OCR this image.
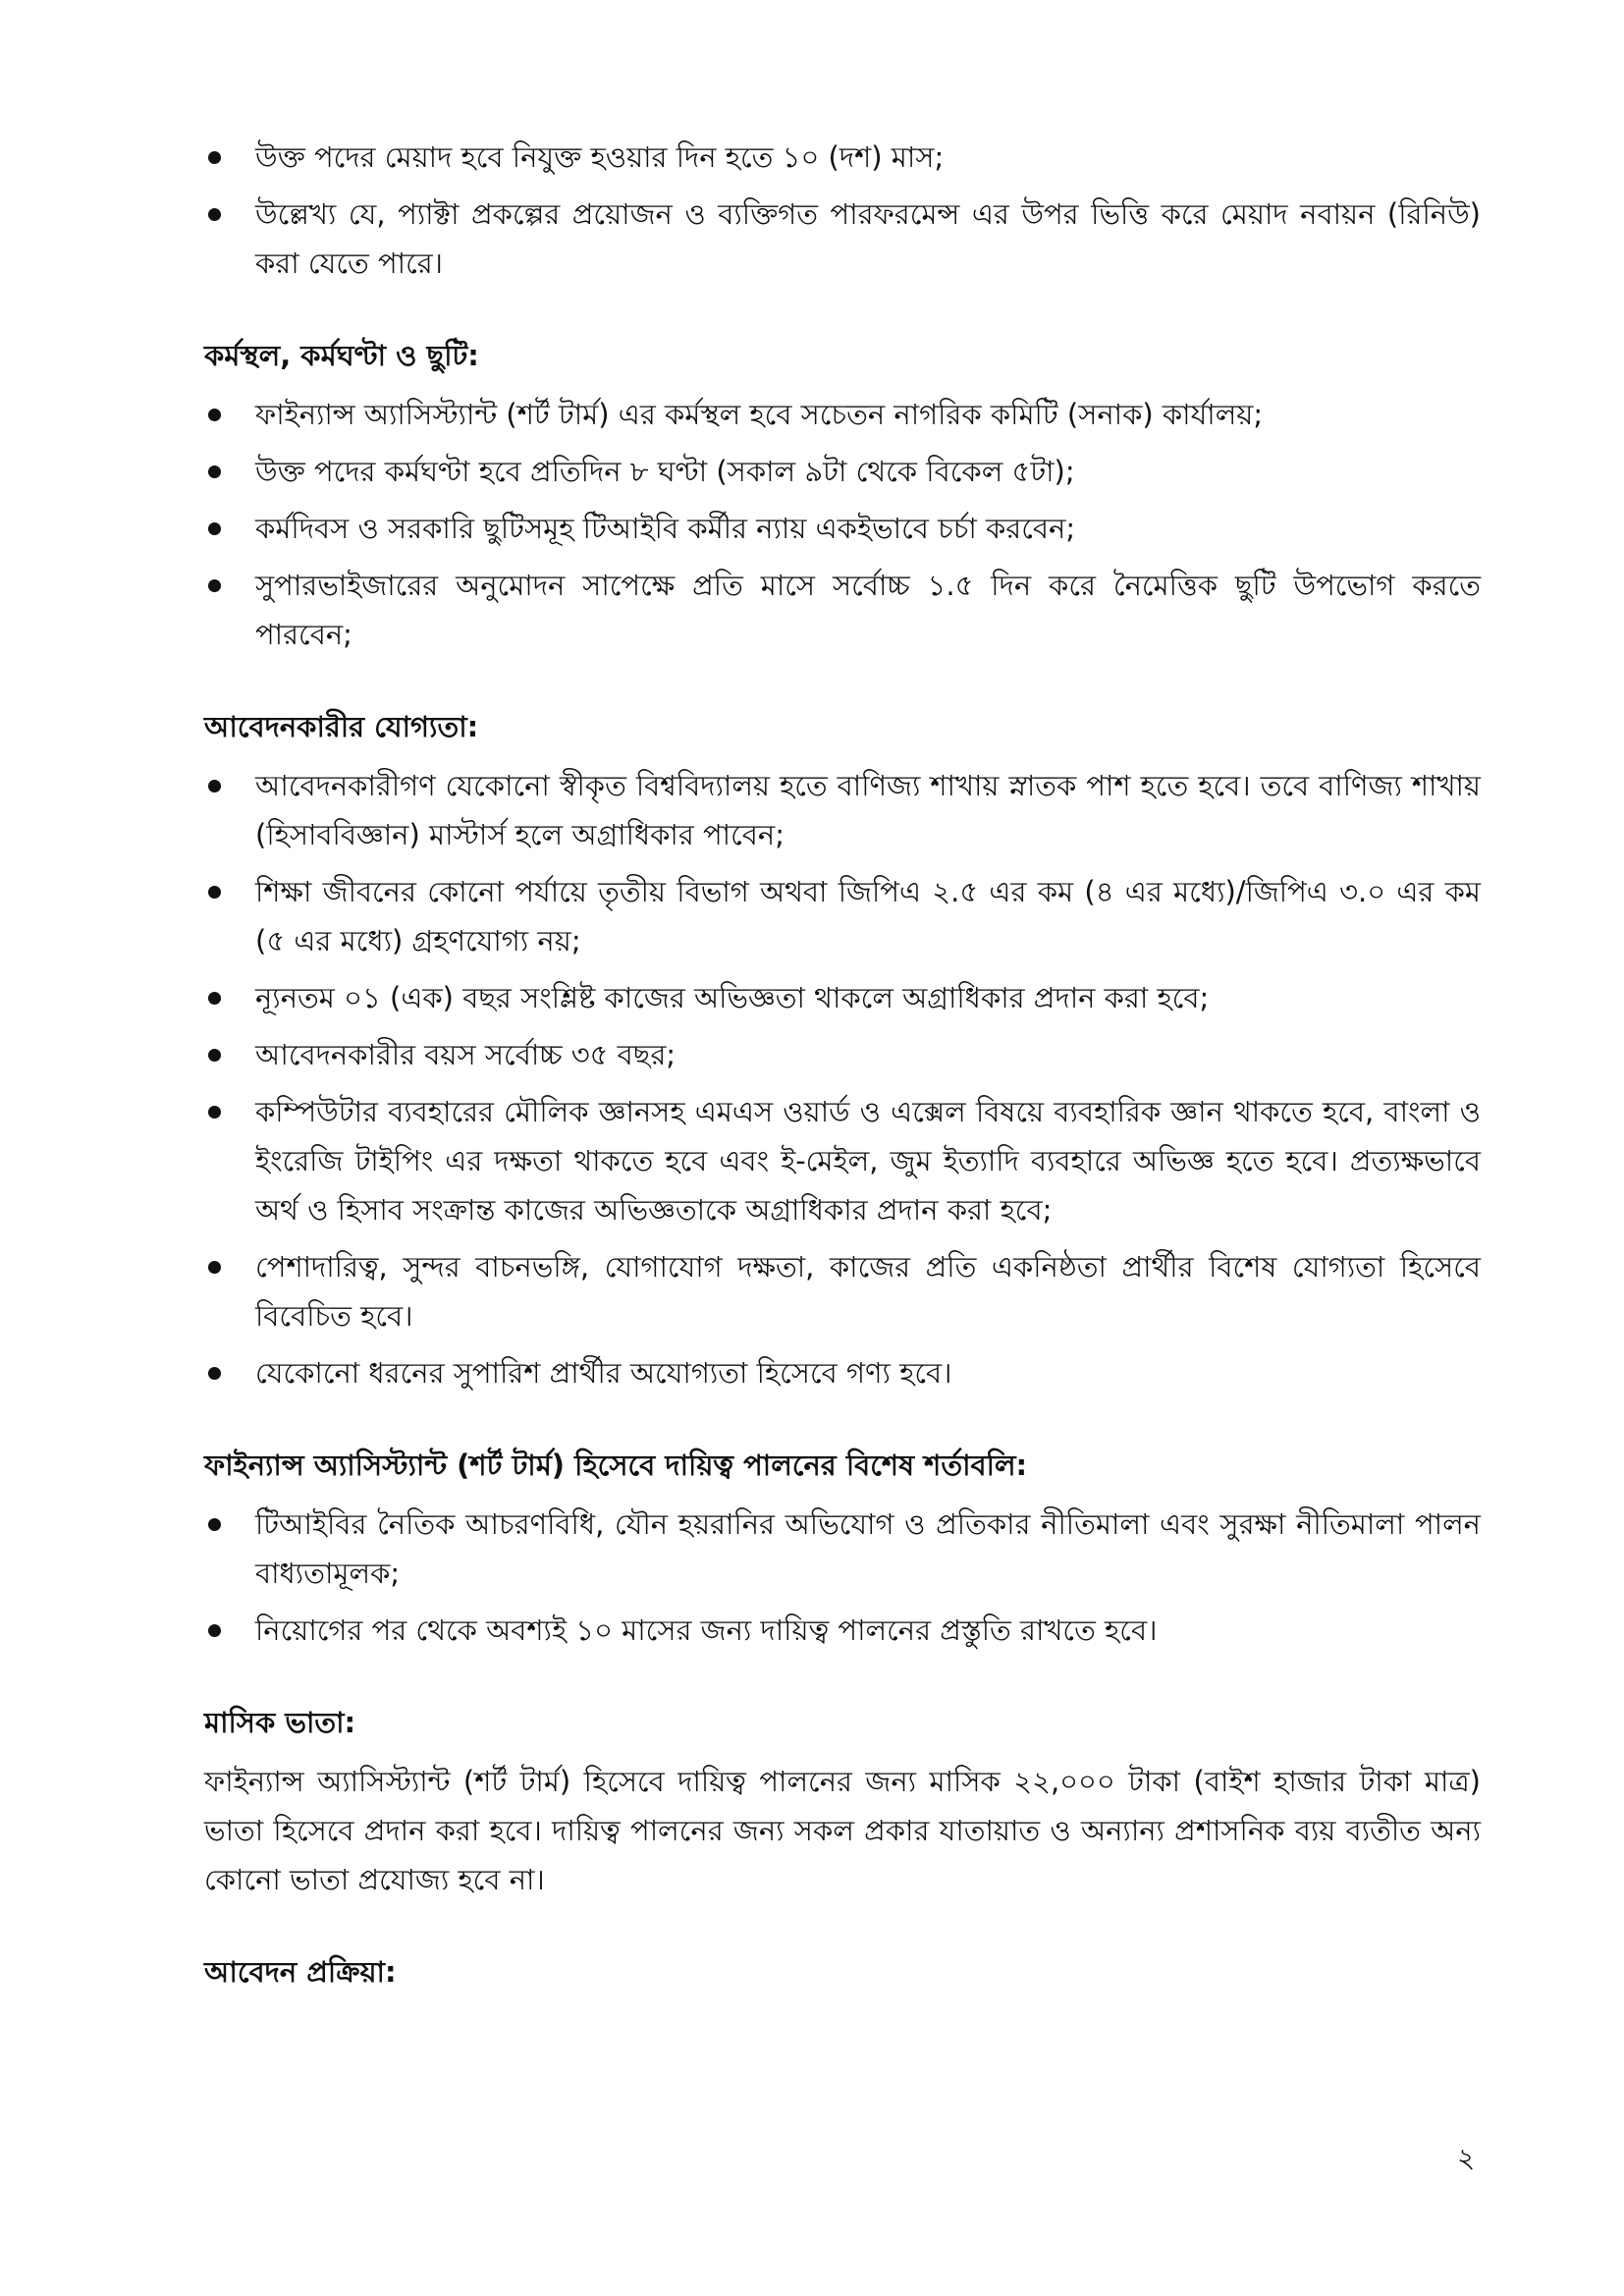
উক্ত পদের মেয়াদ হবে নিযুক্ত হওয়ার দিন হতে ১০ (দশ) মাস;
উল্লেখ্য যে, প্যাক্টা প্রকল্পের প্রয়োজন ও ব্যক্তিগত পারফরমেন্স এর উপর ভিত্তি করে মেয়াদ নবায়ন (রিনিউ) করা যেতে পারে।
কর্মস্থল, কর্মঘণ্টা ও ছুটি:
ফাইন্যান্স অ্যাসিস্ট্যান্ট (শর্ট টার্ম) এর কর্মস্থল হবে সচেতন নাগরিক কমিটি (সনাক) কার্যালয়;
উক্ত পদের কর্মঘণ্টা হবে প্রতিদিন ৮ ঘণ্টা (সকাল ৯টা থেকে বিকেল ৫টা);
কর্মদিবস ও সরকারি ছুটিসমূহ টিআইবি কর্মীর ন্যায় একইভাবে চর্চা করবেন;
সুপারভাইজারের অনুমোদন সাপেক্ষে প্রতি মাসে সর্বোচ্চ ১.৫ দিন করে নৈমেত্তিক ছুটি উপভোগ করতে পারবেন;
আবেদনকারীর যোগ্যতা:
আবেদনকারীগণ যেকোনো স্বীকৃত বিশ্ববিদ্যালয় হতে বাণিজ্য শাখায় স্নাতক পাশ হতে হবে। তবে বাণিজ্য শাখায় (হিসাববিজ্ঞান) মাস্টার্স হলে অগ্রাধিকার পাবেন;
শিক্ষা জীবনের কোনো পর্যায়ে তৃতীয় বিভাগ অথবা জিপিএ ২.৫ এর কম (৪ এর মধ্যে)/জিপিএ ৩.০ এর কম (৫ এর মধ্যে) গ্রহণযোগ্য নয়;
ন্যূনতম ০১ (এক) বছর সংশ্লিষ্ট কাজের অভিজ্ঞতা থাকলে অগ্রাধিকার প্রদান করা হবে;
আবেদনকারীর বয়স সর্বোচ্চ ৩৫ বছর;
কম্পিউটার ব্যবহারের মৌলিক জ্ঞানসহ এমএস ওয়ার্ড ও এক্সেল বিষয়ে ব্যবহারিক জ্ঞান থাকতে হবে, বাংলা ও ইংরেজি টাইপিং এর দক্ষতা থাকতে হবে এবং ই-মেইল, জুম ইত্যাদি ব্যবহারে অভিজ্ঞ হতে হবে। প্রত্যক্ষভাবে অর্থ ও হিসাব সংক্রান্ত কাজের অভিজ্ঞতাকে অগ্রাধিকার প্রদান করা হবে;
পেশাদারিত্ব, সুন্দর বাচনভঙ্গি, যোগাযোগ দক্ষতা, কাজের প্রতি একনিষ্ঠতা প্রার্থীর বিশেষ যোগ্যতা হিসেবে বিবেচিত হবে।
যেকোনো ধরনের সুপারিশ প্রার্থীর অযোগ্যতা হিসেবে গণ্য হবে।
ফাইন্যান্স অ্যাসিস্ট্যান্ট (শর্ট টার্ম) হিসেবে দায়িত্ব পালনের বিশেষ শর্তাবলি:
টিআইবির নৈতিক আচরণবিধি, যৌন হয়রানির অভিযোগ ও প্রতিকার নীতিমালা এবং সুরক্ষা নীতিমালা পালন বাধ্যতামূলক;
নিয়োগের পর থেকে অবশ্যই ১০ মাসের জন্য দায়িত্ব পালনের প্রস্তুতি রাখতে হবে।
মাসিক ভাতা:

ফাইন্যান্স অ্যাসিস্ট্যান্ট (শর্ট টার্ম) হিসেবে দায়িত্ব পালনের জন্য মাসিক ২২,০০০ টাকা (বাইশ হাজার টাকা মাত্র) ভাতা হিসেবে প্রদান করা হবে। দায়িত্ব পালনের জন্য সকল প্রকার যাতায়াত ও অন্যান্য প্রশাসনিক ব্যয় ব্যতীত অন্য কোনো ভাতা প্রযোজ্য হবে না।

আবেদন প্রক্রিয়া:
২
